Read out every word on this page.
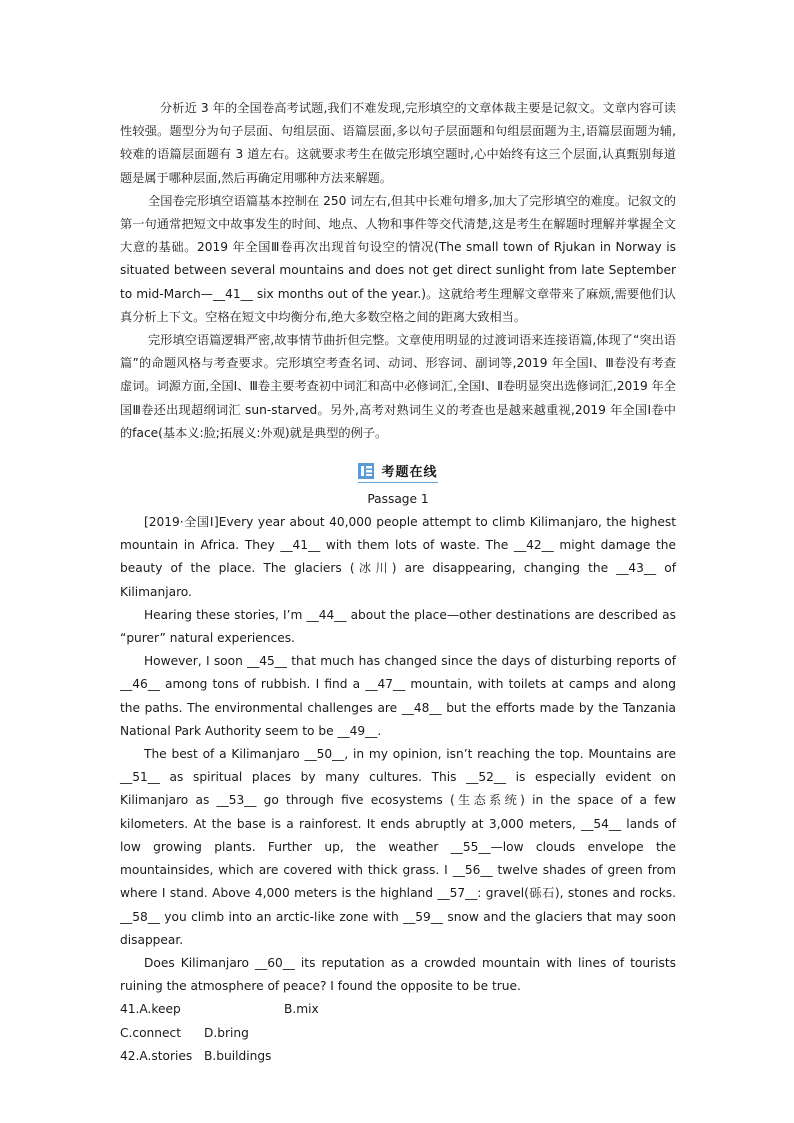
分析近 3 年的全国卷高考试题,我们不难发现,完形填空的文章体裁主要是记叙文。文章内容可读性较强。题型分为句子层面、句组层面、语篇层面,多以句子层面题和句组层面题为主,语篇层面题为辅,较难的语篇层面题有 3 道左右。这就要求考生在做完形填空题时,心中始终有这三个层面,认真甄别每道题是属于哪种层面,然后再确定用哪种方法来解题。

全国卷完形填空语篇基本控制在 250 词左右,但其中长难句增多,加大了完形填空的难度。记叙文的第一句通常把短文中故事发生的时间、地点、人物和事件等交代清楚,这是考生在解题时理解并掌握全文大意的基础。2019 年全国Ⅲ卷再次出现首句设空的情况(The small town of Rjukan in Norway is situated between several mountains and does not get direct sunlight from late September to mid-March—__41__ six months out of the year.)。这就给考生理解文章带来了麻烦,需要他们认真分析上下文。空格在短文中均衡分布,绝大多数空格之间的距离大致相当。

完形填空语篇逻辑严密,故事情节曲折但完整。文章使用明显的过渡词语来连接语篇,体现了“突出语篇”的命题风格与考查要求。完形填空考查名词、动词、形容词、副词等,2019 年全国Ⅰ、Ⅲ卷没有考查虚词。词源方面,全国Ⅰ、Ⅲ卷主要考查初中词汇和高中必修词汇,全国Ⅰ、Ⅱ卷明显突出选修词汇,2019 年全国Ⅲ卷还出现超纲词汇 sun-starved。另外,高考对熟词生义的考查也是越来越重视,2019 年全国Ⅰ卷中的face(基本义:脸;拓展义:外观)就是典型的例子。

考题在线
Passage 1

[2019·全国Ⅰ]Every year about 40,000 people attempt to climb Kilimanjaro, the highest mountain in Africa. They __41__ with them lots of waste. The __42__ might damage the beauty of the place. The glaciers (冰川) are disappearing, changing the __43__ of Kilimanjaro.

Hearing these stories, I’m __44__ about the place—other destinations are described as “purer” natural experiences.

However, I soon __45__ that much has changed since the days of disturbing reports of __46__ among tons of rubbish. I find a __47__ mountain, with toilets at camps and along the paths. The environmental challenges are __48__ but the efforts made by the Tanzania National Park Authority seem to be __49__.

The best of a Kilimanjaro __50__, in my opinion, isn’t reaching the top. Mountains are __51__ as spiritual places by many cultures. This __52__ is especially evident on Kilimanjaro as __53__ go through five ecosystems (生态系统) in the space of a few kilometers. At the base is a rainforest. It ends abruptly at 3,000 meters, __54__ lands of low growing plants. Further up, the weather __55__—low clouds envelope the mountainsides, which are covered with thick grass. I __56__ twelve shades of green from where I stand. Above 4,000 meters is the highland __57__: gravel(砾石), stones and rocks. __58__ you climb into an arctic-like zone with __59__ snow and the glaciers that may soon disappear.

Does Kilimanjaro __60__ its reputation as a crowded mountain with lines of tourists ruining the atmosphere of peace? I found the opposite to be true.

41.A.keep	B.mix
C.connect	D.bring
42.A.stories B.buildings
